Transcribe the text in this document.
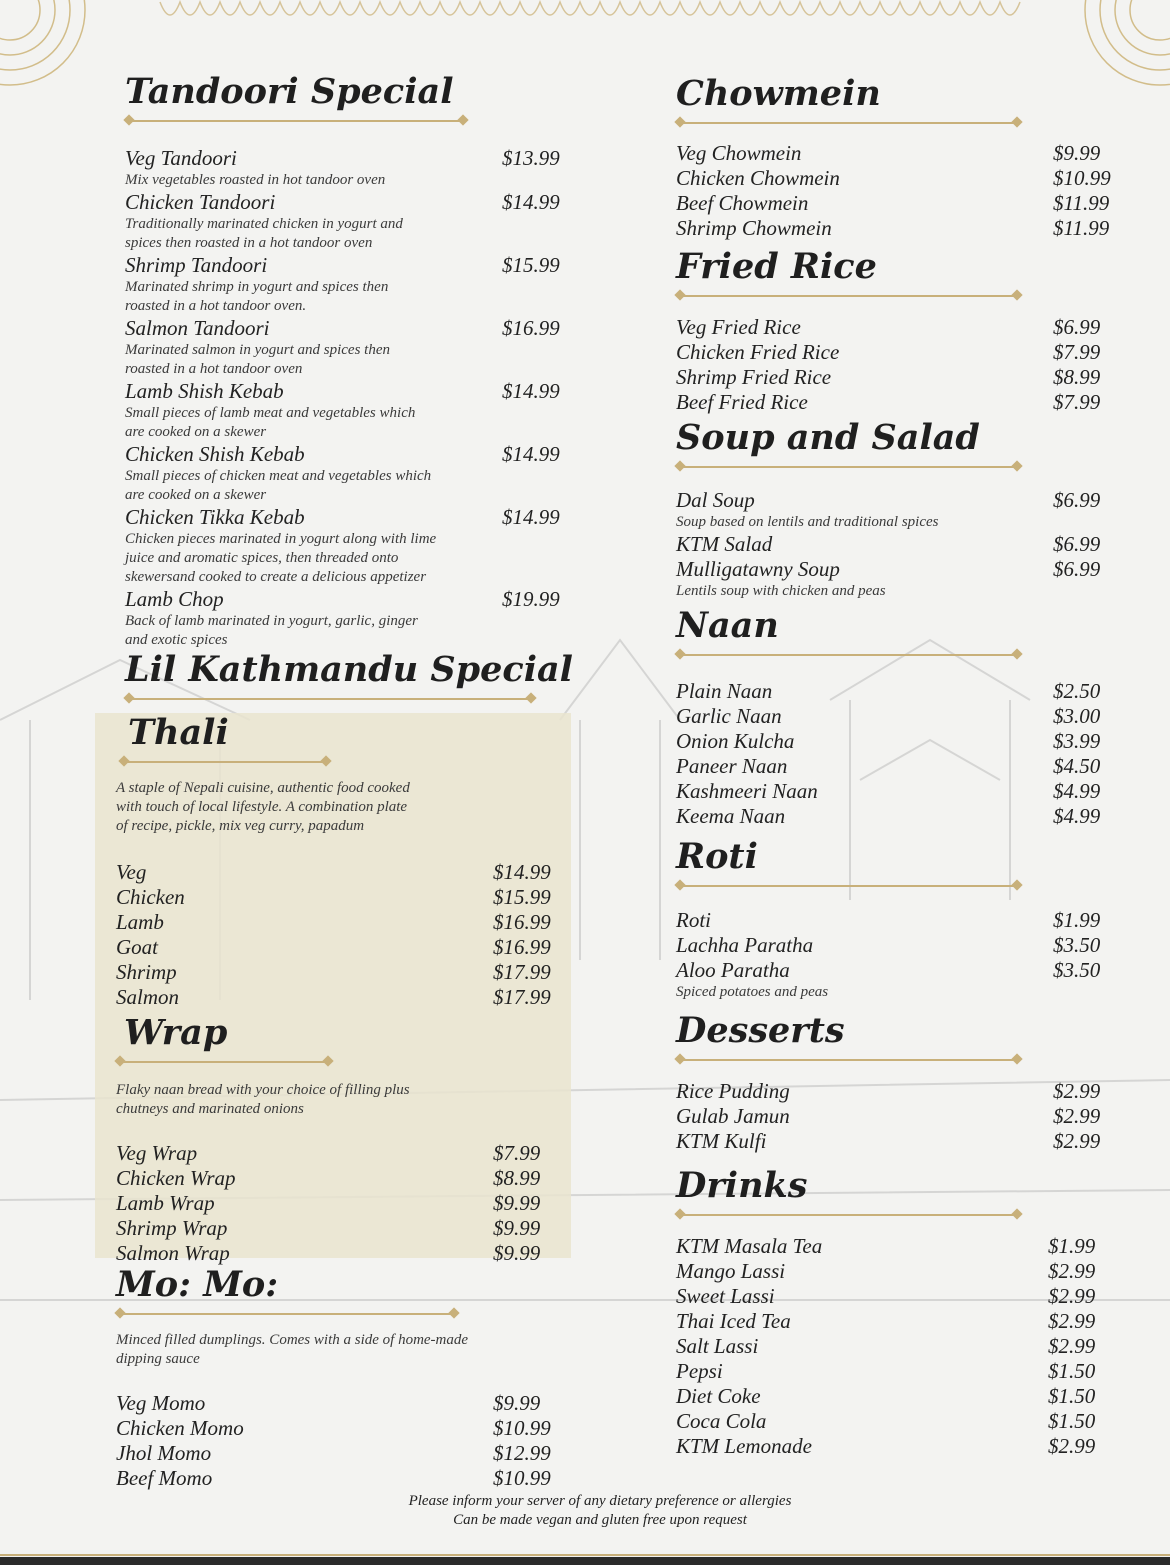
Tandoori Special
Veg Tandoori	$13.99
Mix vegetables roasted in hot tandoor oven
Chicken Tandoori	$14.99
Traditionally marinated chicken in yogurt and
spices then roasted in a hot tandoor oven
Shrimp Tandoori	$15.99
Marinated shrimp in yogurt and spices then
roasted in a hot tandoor oven.
Salmon Tandoori	$16.99
Marinated salmon in yogurt and spices then
roasted in a hot tandoor oven
Lamb Shish Kebab	$14.99
Small pieces of lamb meat and vegetables which
are cooked on a skewer
Chicken Shish Kebab	$14.99
Small pieces of chicken meat and vegetables which
are cooked on a skewer
Chicken Tikka Kebab	$14.99
Chicken pieces marinated in yogurt along with lime
juice and aromatic spices, then threaded onto
skewersand cooked to create a delicious appetizer
Lamb Chop	$19.99
Back of lamb marinated in yogurt, garlic, ginger
and exotic spices
Lil Kathmandu Special
Thali
A staple of Nepali cuisine, authentic food cooked
with touch of local lifestyle. A combination plate
of recipe, pickle, mix veg curry, papadum
Veg	$14.99
Chicken	$15.99
Lamb	$16.99
Goat	$16.99
Shrimp	$17.99
Salmon	$17.99
Wrap
Flaky naan bread with your choice of filling plus
chutneys and marinated onions
Veg Wrap	$7.99
Chicken Wrap	$8.99
Lamb Wrap	$9.99
Shrimp Wrap	$9.99
Salmon Wrap	$9.99
Mo: Mo:
Minced filled dumplings. Comes with a side of home-made
dipping sauce
Veg Momo	$9.99
Chicken Momo	$10.99
Jhol Momo	$12.99
Beef Momo	$10.99
Chowmein
Veg Chowmein	$9.99
Chicken Chowmein	$10.99
Beef Chowmein	$11.99
Shrimp Chowmein	$11.99
Fried Rice
Veg Fried Rice	$6.99
Chicken Fried Rice	$7.99
Shrimp Fried Rice	$8.99
Beef Fried Rice	$7.99
Soup and Salad
Dal Soup	$6.99
Soup based on lentils and traditional spices
KTM Salad	$6.99
Mulligatawny Soup	$6.99
Lentils soup with chicken and peas
Naan
Plain Naan	$2.50
Garlic Naan	$3.00
Onion Kulcha	$3.99
Paneer Naan	$4.50
Kashmeeri Naan	$4.99
Keema Naan	$4.99
Roti
Roti	$1.99
Lachha Paratha	$3.50
Aloo Paratha	$3.50
Spiced potatoes and peas
Desserts
Rice Pudding	$2.99
Gulab Jamun	$2.99
KTM Kulfi	$2.99
Drinks
KTM Masala Tea	$1.99
Mango Lassi	$2.99
Sweet Lassi	$2.99
Thai Iced Tea	$2.99
Salt Lassi	$2.99
Pepsi	$1.50
Diet Coke	$1.50
Coca Cola	$1.50
KTM Lemonade	$2.99
Please inform your server of any dietary preference or allergies
Can be made vegan and gluten free upon request
